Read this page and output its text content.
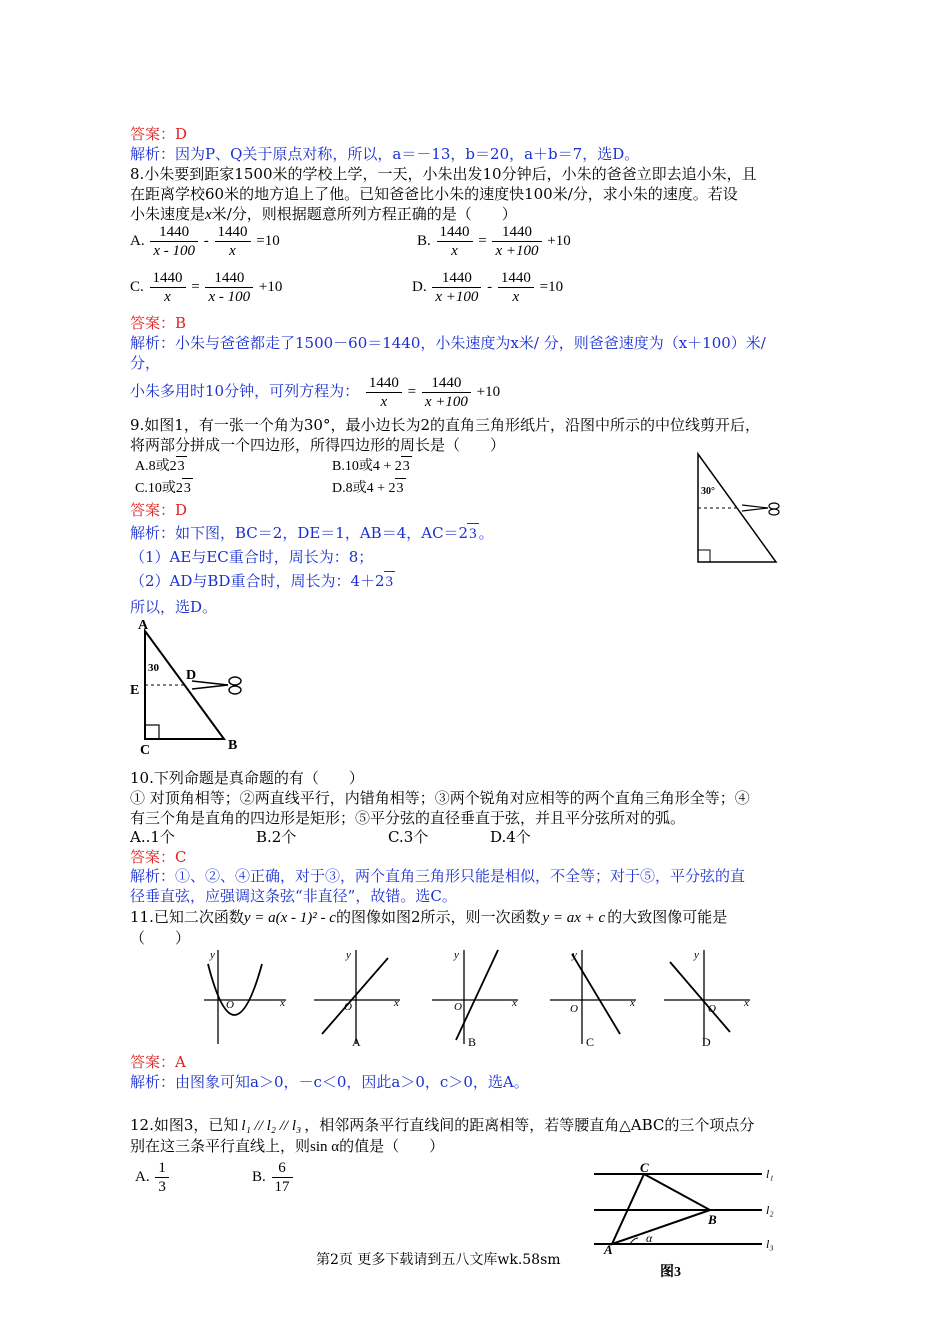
答案：D
解析：因为P、Q关于原点对称，所以，a＝－13，b＝20，a＋b＝7，选D。
8.小朱要到距家1500米的学校上学，一天，小朱出发10分钟后，小朱的爸爸立即去追小朱，且
在距离学校60米的地方追上了他。已知爸爸比小朱的速度快100米/分，求小朱的速度。若设
小朱速度是x米/分，则根据题意所列方程正确的是（　　）
A. $\frac{1440}{x - 100} - \frac{1440}{x} =10$	B. $\frac{1440}{x} = \frac{1440}{x +100} +10$
C. $\frac{1440}{x} = \frac{1440}{x - 100} +10$	D. $\frac{1440}{x +100} - \frac{1440}{x} =10$
答案：B
解析：小朱与爸爸都走了1500－60＝1440，小朱速度为x米/ 分，则爸爸速度为（x＋100）米/
分，
小朱多用时10分钟，可列方程为： $\frac{1440}{x} = \frac{1440}{x +100} +10$
9.如图1，有一张一个角为30°，最小边长为2的直角三角形纸片，沿图中所示的中位线剪开后，
将两部分拼成一个四边形，所得四边形的周长是（　　）
A.8或23	B.10或4 + 23
C.10或23	D.8或4 + 23	30°
答案：D
解析：如下图，BC＝2，DE＝1，AB＝4，AC＝23 。
（1）AE与EC重合时，周长为：8；
（2）AD与BD重合时，周长为：4＋23
所以，选D。
A
30 D
E
C	B
10.下列命题是真命题的有（　　）
① 对顶角相等；②两直线平行，内错角相等；③两个锐角对应相等的两个直角三角形全等；④
有三个角是直角的四边形是矩形；⑤平分弦的直径垂直于弦，并且平分弦所对的弧。
A..1个	B.2个	C.3个	D.4个
答案：C
解析：①、②、④正确，对于③，两个直角三角形只能是相似，不全等；对于⑤，平分弦的直
径垂直弦，应强调这条弦“非直径”，故错。选C。
11.已知二次函数y = a(x - 1)² - c的图像如图2所示，则一次函数 y = ax + c 的大致图像可能是
（　　）
y
x
O
y
x
O
A
y
x
O
B
y
x
O
C
y
x
O
D
答案：A
解析：由图象可知a＞0，－c＜0，因此a＞0，c＞0，选A。
12.如图3，已知 l₁ // l₂ // l₃ ，相邻两条平行直线间的距离相等，若等腰直角△ABC的三个项点分
别在这三条平行直线上，则sin α的值是（　　）
A. $\frac{1}{3}$	B. $\frac{6}{17}$	C
B
A
α
l₁
l₂
l₃
图3
第2页 更多下载请到五八文库wk.58sm
